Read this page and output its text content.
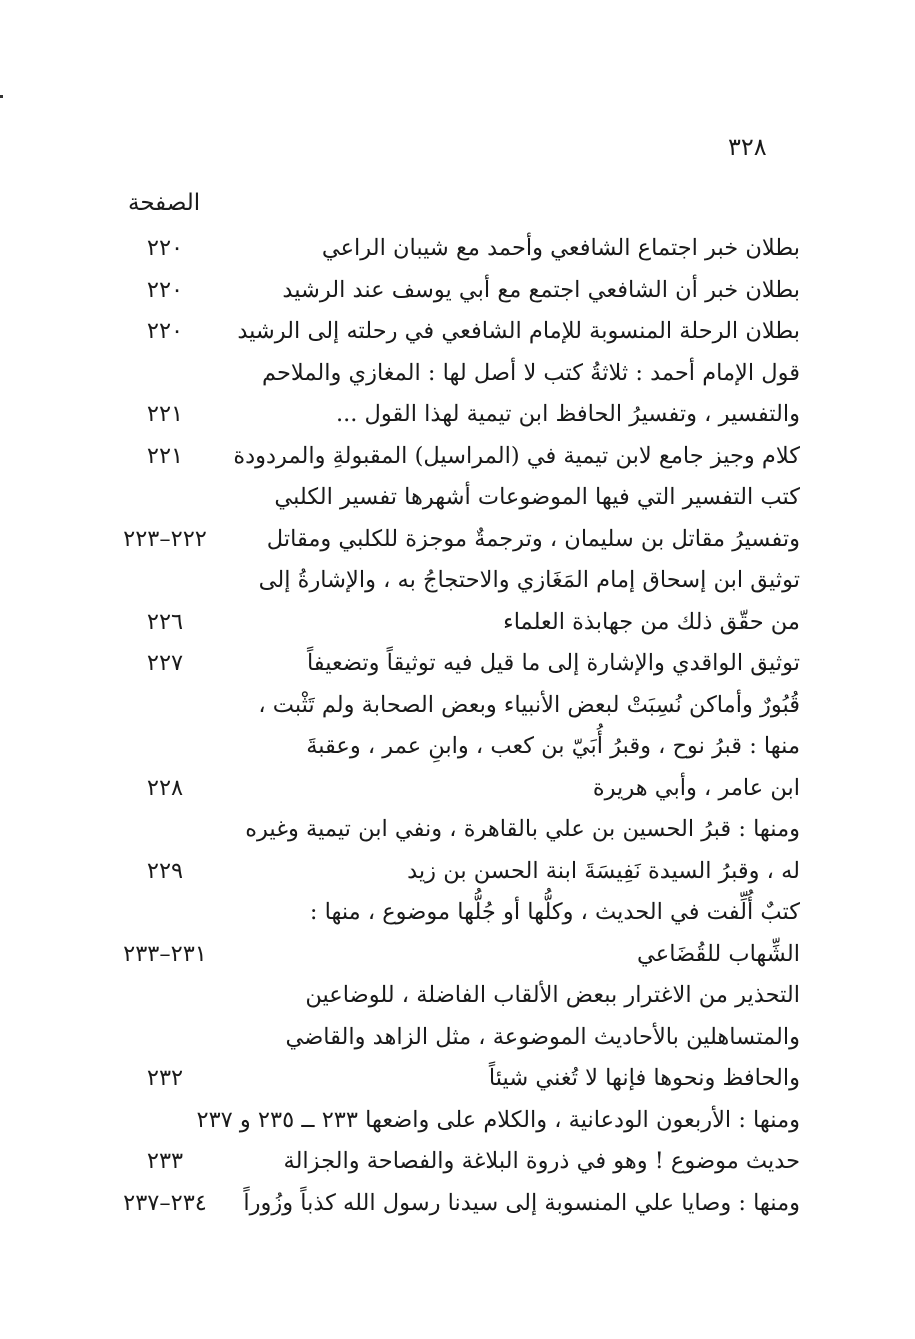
٣٢٨
الصفحة
بطلان خبر اجتماع الشافعي وأحمد مع شيبان الراعي
٢٢٠
بطلان خبر أن الشافعي اجتمع مع أبي يوسف عند الرشيد
٢٢٠
بطلان الرحلة المنسوبة للإمام الشافعي في رحلته إلى الرشيد
٢٢٠
قول الإمام أحمد : ثلاثةُ كتب لا أصل لها : المغازي والملاحم
والتفسير ، وتفسيرُ الحافظ ابن تيمية لهذا القول ...
٢٢١
كلام وجيز جامع لابن تيمية في (المراسيل) المقبولةِ والمردودة
٢٢١
كتب التفسير التي فيها الموضوعات أشهرها تفسير الكلبي
وتفسيرُ مقاتل بن سليمان ، وترجمةٌ موجزة للكلبي ومقاتل
٢٢٢–٢٢٣
توثيق ابن إسحاق إمام المَغَازي والاحتجاجُ به ، والإشارةُ إلى
من حقّق ذلك من جهابذة العلماء
٢٢٦
توثيق الواقدي والإشارة إلى ما قيل فيه توثيقاً وتضعيفاً
٢٢٧
قُبُورٌ وأماكن نُسِبَتْ لبعض الأنبياء وبعض الصحابة ولم تَثْبت ،
منها : قبرُ نوح ، وقبرُ أُبَيّ بن كعب ، وابنِ عمر ، وعقبةَ
ابن عامر ، وأبي هريرة
٢٢٨
ومنها : قبرُ الحسين بن علي بالقاهرة ، ونفي ابن تيمية وغيره
له ، وقبرُ السيدة نَفِيسَةَ ابنة الحسن بن زيد
٢٢٩
كتبٌ أُلِّفت في الحديث ، وكلُّها أو جُلُّها موضوع ، منها :
الشِّهاب للقُضَاعي
٢٣١–٢٣٣
التحذير من الاغترار ببعض الألقاب الفاضلة ، للوضاعين
والمتساهلين بالأحاديث الموضوعة ، مثل الزاهد والقاضي
والحافظ ونحوها فإنها لا تُغني شيئاً
٢٣٢
ومنها : الأربعون الودعانية ، والكلام على واضعها ٢٣٣ ــ ٢٣٥ و ٢٣٧
حديث موضوع ! وهو في ذروة البلاغة والفصاحة والجزالة
٢٣٣
ومنها : وصايا علي المنسوبة إلى سيدنا رسول الله كذباً وزُوراً
٢٣٤–٢٣٧
